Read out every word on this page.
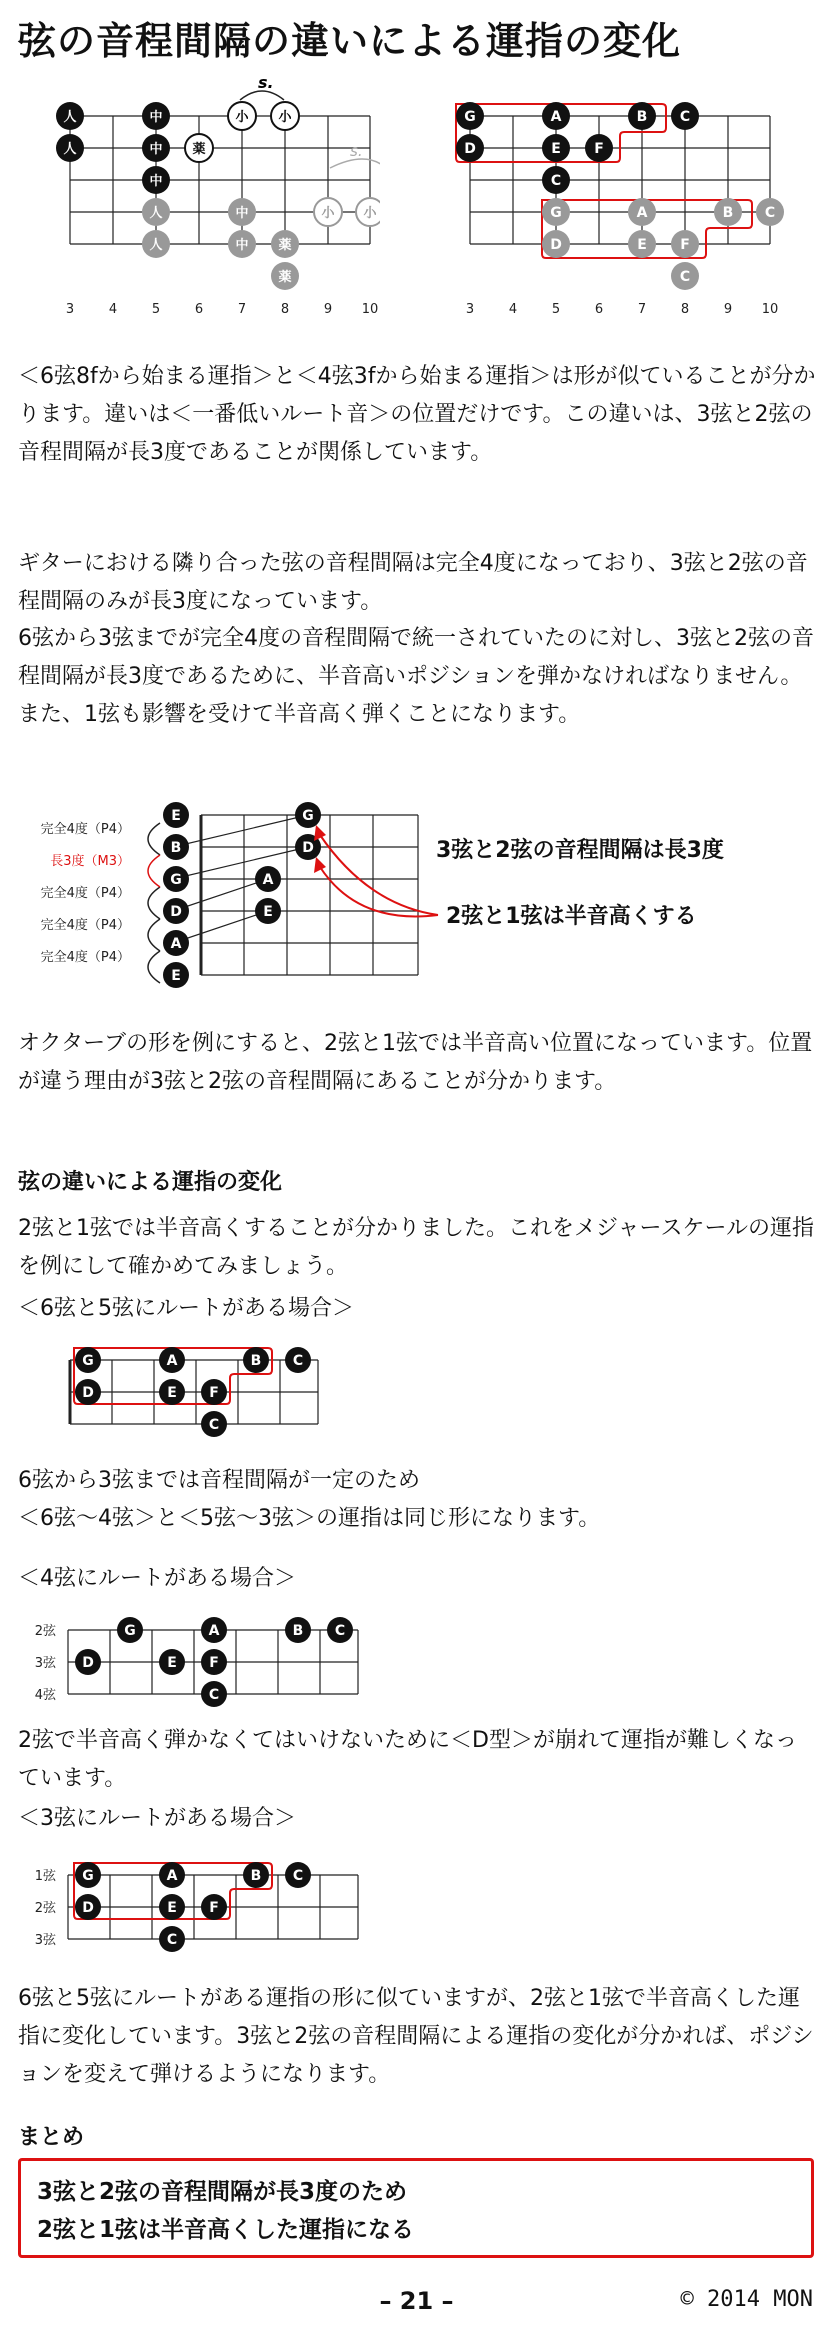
弦の音程間隔の違いによる運指の変化
s.
s.
人
人
中
中 薬
小 小
中
人
人
中
中 薬
薬
小 小
3	4	5	6	7	8	9 10
G	A	B C
D	E F
C
G	A	B C
D	E F
C
3	4	5	6	7	8	9 10

＜6弦8fから始まる運指＞と＜4弦3fから始まる運指＞は形が似ていることが分かります。違いは＜一番低いルート音＞の位置だけです。この違いは、3弦と2弦の音程間隔が長3度であることが関係しています。

ギターにおける隣り合った弦の音程間隔は完全4度になっており、3弦と2弦の音程間隔のみが長3度になっています。

6弦から3弦までが完全4度の音程間隔で統一されていたのに対し、3弦と2弦の音程間隔が長3度であるために、半音高いポジションを弾かなければなりません。また、1弦も影響を受けて半音高く弾くことになります。

完全4度（P4）
長3度（M3）
完全4度（P4）
完全4度（P4）
完全4度（P4）
E
B
G
D
A
E
G
D
A
E
3弦と2弦の音程間隔は長3度
2弦と1弦は半音高くする

オクターブの形を例にすると、2弦と1弦では半音高い位置になっています。位置が違う理由が3弦と2弦の音程間隔にあることが分かります。

弦の違いによる運指の変化

2弦と1弦では半音高くすることが分かりました。これをメジャースケールの運指を例にして確かめてみましょう。

＜6弦と5弦にルートがある場合＞

G	A	B C
D	E F
C

6弦から3弦までは音程間隔が一定のため

＜6弦～4弦＞と＜5弦～3弦＞の運指は同じ形になります。

＜4弦にルートがある場合＞

2弦
3弦
4弦
G	A	B C
D	E F
C

2弦で半音高く弾かなくてはいけないために＜D型＞が崩れて運指が難しくなっています。

＜3弦にルートがある場合＞

1弦
2弦
3弦
G	A	B C
D	E F
C

6弦と5弦にルートがある運指の形に似ていますが、2弦と1弦で半音高くした運指に変化しています。3弦と2弦の音程間隔による運指の変化が分かれば、ポジションを変えて弾けるようになります。

まとめ

3弦と2弦の音程間隔が長3度のため
2弦と1弦は半音高くした運指になる
– 21 –	© 2014 MON
